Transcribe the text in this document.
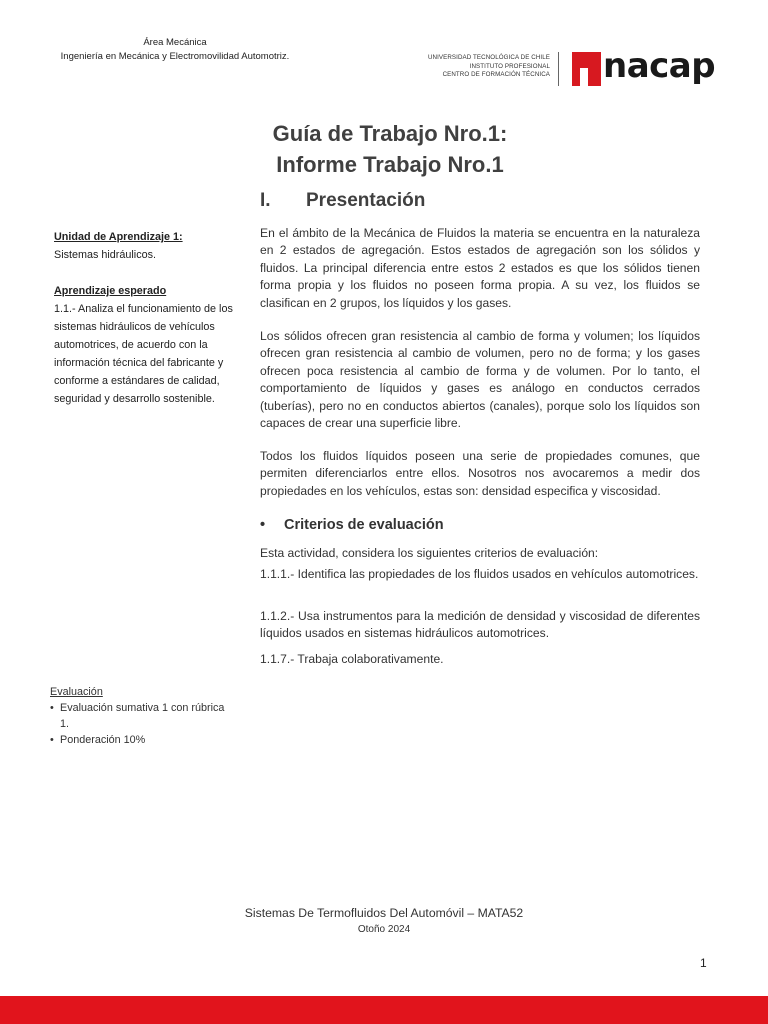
Área Mecánica
Ingeniería en Mecánica y Electromovilidad Automotriz.	UNIVERSIDAD TECNOLÓGICA DE CHILE
INSTITUTO PROFESIONAL
CENTRO DE FORMACIÓN TÉCNICA nacap
Guía de Trabajo Nro.1:
Informe Trabajo Nro.1
I. Presentación
En el ámbito de la Mecánica de Fluidos la materia se encuentra en la naturaleza en 2 estados de agregación. Estos estados de agregación son los sólidos y fluidos. La principal diferencia entre estos 2 estados es que los sólidos tienen forma propia y los fluidos no poseen forma propia. A su vez, los fluidos se clasifican en 2 grupos, los líquidos y los gases.
Los sólidos ofrecen gran resistencia al cambio de forma y volumen; los líquidos ofrecen gran resistencia al cambio de volumen, pero no de forma; y los gases ofrecen poca resistencia al cambio de forma y de volumen. Por lo tanto, el comportamiento de líquidos y gases es análogo en conductos cerrados (tuberías), pero no en conductos abiertos (canales), porque solo los líquidos son capaces de crear una superficie libre.
Todos los fluidos líquidos poseen una serie de propiedades comunes, que permiten diferenciarlos entre ellos. Nosotros nos avocaremos a medir dos propiedades en los vehículos, estas son: densidad especifica y viscosidad.
• Criterios de evaluación
Esta actividad, considera los siguientes criterios de evaluación:
1.1.1.- Identifica las propiedades de los fluidos usados en vehículos automotrices.
1.1.2.- Usa instrumentos para la medición de densidad y viscosidad de diferentes líquidos usados en sistemas hidráulicos automotrices.
1.1.7.- Trabaja colaborativamente.
Unidad de Aprendizaje 1:
Sistemas hidráulicos.
Aprendizaje esperado
1.1.- Analiza el funcionamiento de los sistemas hidráulicos de vehículos automotrices, de acuerdo con la información técnica del fabricante y conforme a estándares de calidad, seguridad y desarrollo sostenible.
Evaluación
• Evaluación sumativa 1 con rúbrica 1.
• Ponderación 10%
Sistemas De Termofluidos Del Automóvil – MATA52
Otoño 2024
1
